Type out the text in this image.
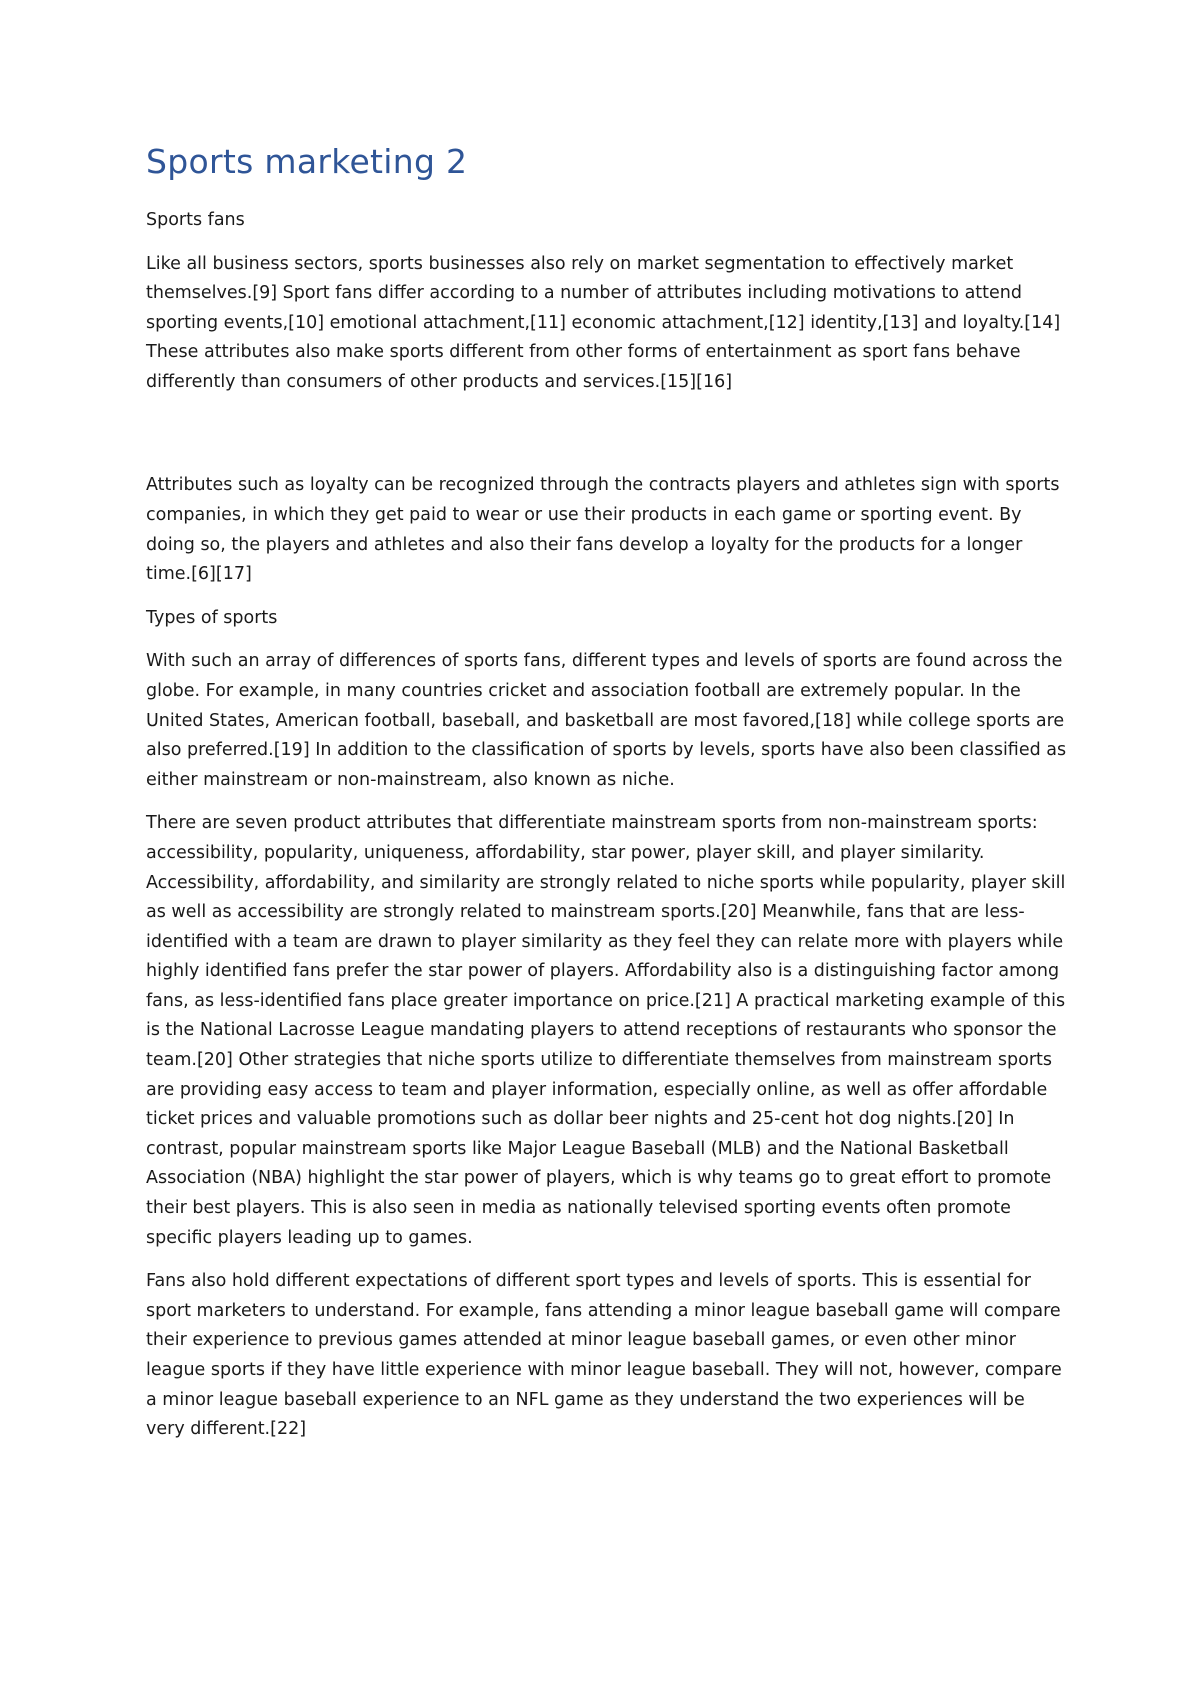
Sports marketing 2

Sports fans

Like all business sectors, sports businesses also rely on market segmentation to effectively market themselves.[9] Sport fans differ according to a number of attributes including motivations to attend sporting events,[10] emotional attachment,[11] economic attachment,[12] identity,[13] and loyalty.[14] These attributes also make sports different from other forms of entertainment as sport fans behave differently than consumers of other products and services.[15][16]

Attributes such as loyalty can be recognized through the contracts players and athletes sign with sports companies, in which they get paid to wear or use their products in each game or sporting event. By doing so, the players and athletes and also their fans develop a loyalty for the products for a longer time.[6][17]

Types of sports

With such an array of differences of sports fans, different types and levels of sports are found across the globe. For example, in many countries cricket and association football are extremely popular. In the United States, American football, baseball, and basketball are most favored,[18] while college sports are also preferred.[19] In addition to the classification of sports by levels, sports have also been classified as either mainstream or non-mainstream, also known as niche.

There are seven product attributes that differentiate mainstream sports from non-mainstream sports: accessibility, popularity, uniqueness, affordability, star power, player skill, and player similarity. Accessibility, affordability, and similarity are strongly related to niche sports while popularity, player skill as well as accessibility are strongly related to mainstream sports.[20] Meanwhile, fans that are less-identified with a team are drawn to player similarity as they feel they can relate more with players while highly identified fans prefer the star power of players. Affordability also is a distinguishing factor among fans, as less-identified fans place greater importance on price.[21] A practical marketing example of this is the National Lacrosse League mandating players to attend receptions of restaurants who sponsor the team.[20] Other strategies that niche sports utilize to differentiate themselves from mainstream sports are providing easy access to team and player information, especially online, as well as offer affordable ticket prices and valuable promotions such as dollar beer nights and 25-cent hot dog nights.[20] In contrast, popular mainstream sports like Major League Baseball (MLB) and the National Basketball Association (NBA) highlight the star power of players, which is why teams go to great effort to promote their best players. This is also seen in media as nationally televised sporting events often promote specific players leading up to games.

Fans also hold different expectations of different sport types and levels of sports. This is essential for sport marketers to understand. For example, fans attending a minor league baseball game will compare their experience to previous games attended at minor league baseball games, or even other minor league sports if they have little experience with minor league baseball. They will not, however, compare a minor league baseball experience to an NFL game as they understand the two experiences will be very different.[22]
